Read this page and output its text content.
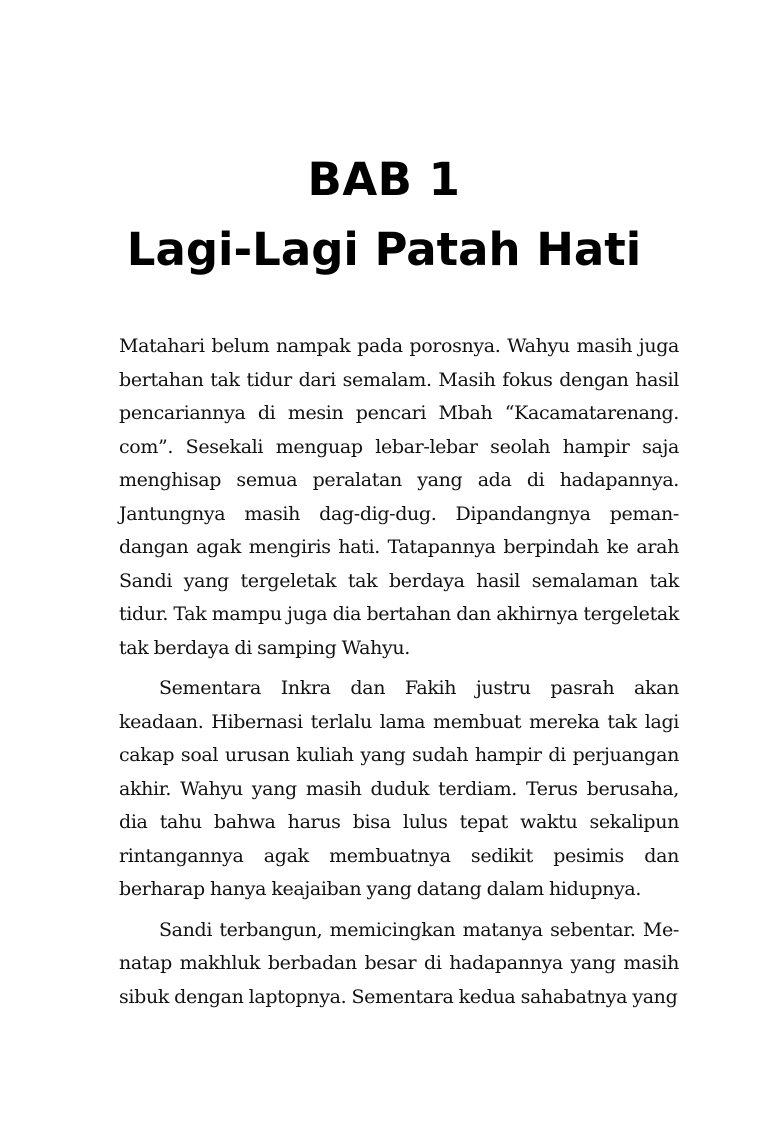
BAB 1
Lagi-Lagi Patah Hati

Matahari belum nampak pada porosnya. Wahyu masih juga bertahan tak tidur dari semalam. Masih fokus dengan hasil pencariannya di mesin pencari Mbah “Kacamatarenang. com”. Sesekali menguap lebar-lebar seolah hampir saja menghisap semua peralatan yang ada di hadapannya. Jantungnya masih dag-dig-dug. Dipandangnya peman-dangan agak mengiris hati. Tatapannya berpindah ke arah Sandi yang tergeletak tak berdaya hasil semalaman tak tidur. Tak mampu juga dia bertahan dan akhirnya tergeletak tak berdaya di samping Wahyu.

Sementara Inkra dan Fakih justru pasrah akan keadaan. Hibernasi terlalu lama membuat mereka tak lagi cakap soal urusan kuliah yang sudah hampir di perjuangan akhir. Wahyu yang masih duduk terdiam. Terus berusaha, dia tahu bahwa harus bisa lulus tepat waktu sekalipun rintangannya agak membuatnya sedikit pesimis dan berharap hanya keajaiban yang datang dalam hidupnya.

Sandi terbangun, memicingkan matanya sebentar. Me-natap makhluk berbadan besar di hadapannya yang masih sibuk dengan laptopnya. Sementara kedua sahabatnya yang
